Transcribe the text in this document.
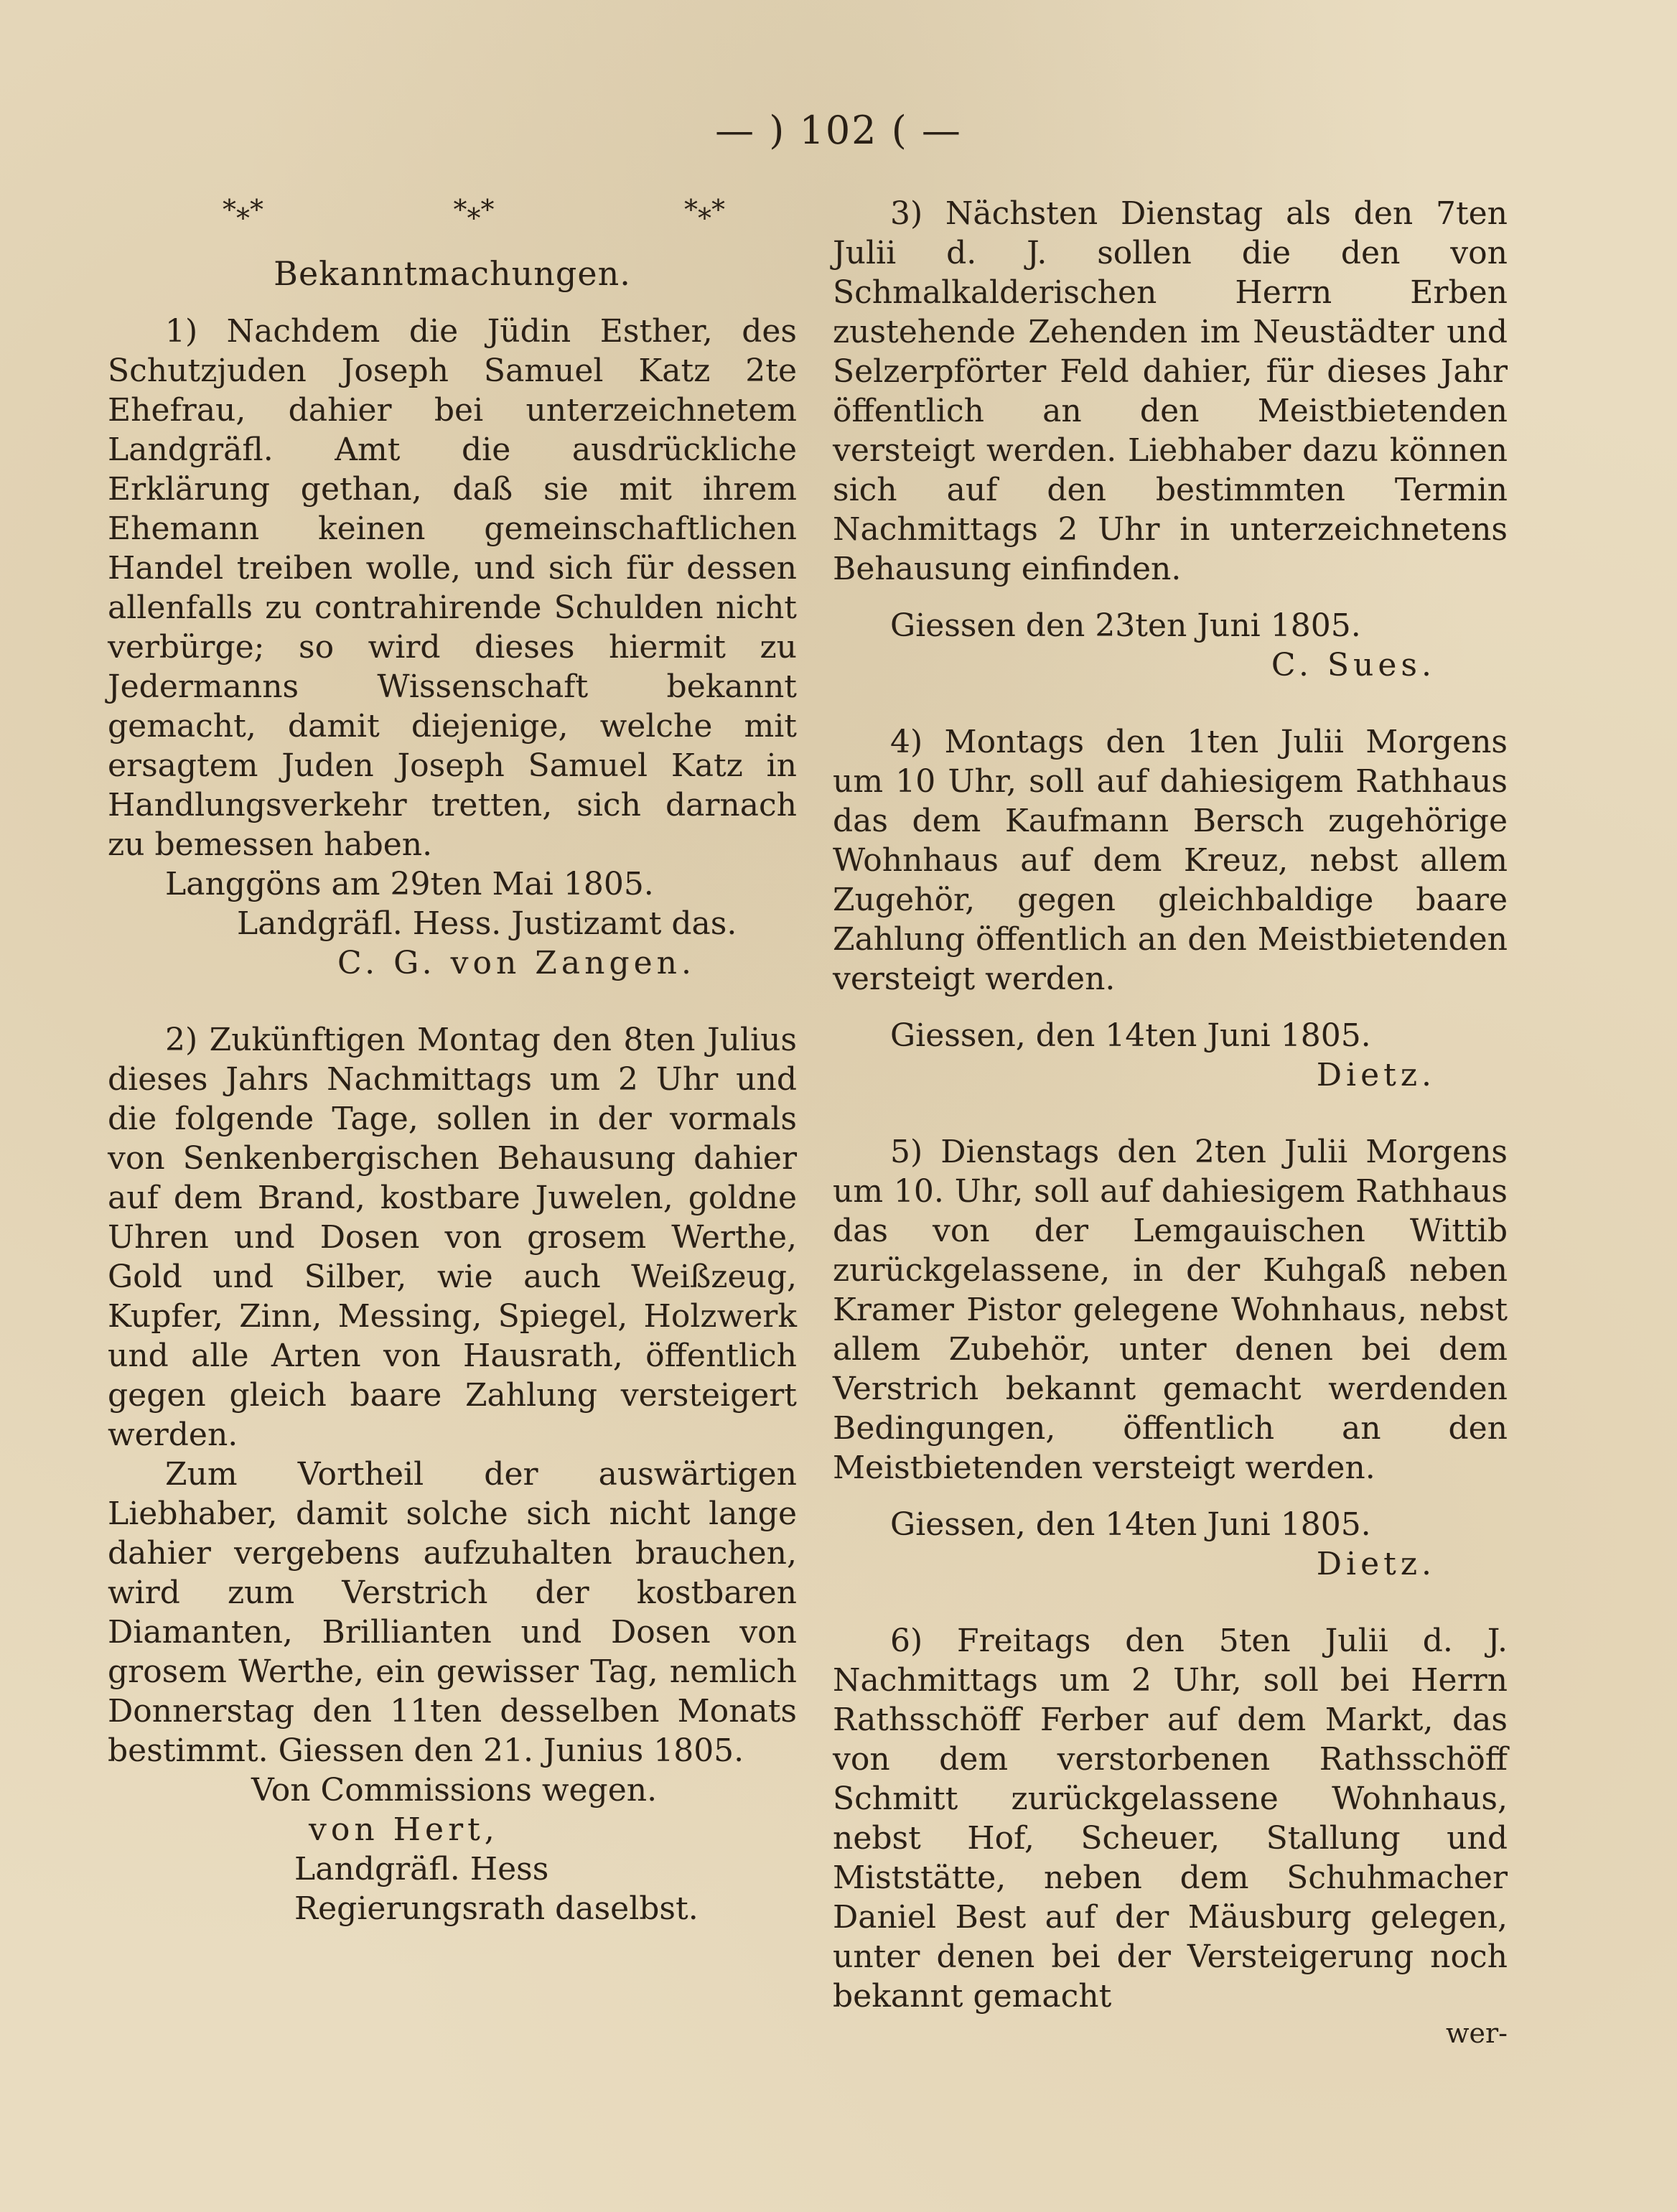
— ) 102 ( —
*⁎*	*⁎*	*⁎*
Bekanntmachungen.

1) Nachdem die Jüdin Esther, des Schutzjuden Joseph Samuel Katz 2te Ehefrau, dahier bei unterzeichnetem Landgräfl. Amt die ausdrückliche Erklärung gethan, daß sie mit ihrem Ehemann keinen gemeinschaftlichen Handel treiben wolle, und sich für dessen allenfalls zu contrahirende Schulden nicht verbürge; so wird dieses hiermit zu Jedermanns Wissenschaft bekannt gemacht, damit diejenige, welche mit ersagtem Juden Joseph Samuel Katz in Handlungsverkehr tretten, sich darnach zu bemessen haben.

Langgöns am 29ten Mai 1805.
Landgräfl. Hess. Justizamt das.
C. G. von Zangen.

2) Zukünftigen Montag den 8ten Julius dieses Jahrs Nachmittags um 2 Uhr und die folgende Tage, sollen in der vormals von Senkenbergischen Behausung dahier auf dem Brand, kostbare Juwelen, goldne Uhren und Dosen von grosem Werthe, Gold und Silber, wie auch Weißzeug, Kupfer, Zinn, Messing, Spiegel, Holzwerk und alle Arten von Hausrath, öffentlich gegen gleich baare Zahlung versteigert werden.

Zum Vortheil der auswärtigen Liebhaber, damit solche sich nicht lange dahier vergebens aufzuhalten brauchen, wird zum Verstrich der kostbaren Diamanten, Brillianten und Dosen von grosem Werthe, ein gewisser Tag, nemlich Donnerstag den 11ten desselben Monats bestimmt. Giessen den 21. Junius 1805.

Von Commissions wegen.
von Hert,
Landgräfl. Hess Regierungsrath daselbst.

3) Nächsten Dienstag als den 7ten Julii d. J. sollen die den von Schmalkalderischen Herrn Erben zustehende Zehenden im Neustädter und Selzerpförter Feld dahier, für dieses Jahr öffentlich an den Meistbietenden versteigt werden. Liebhaber dazu können sich auf den bestimmten Termin Nachmittags 2 Uhr in unterzeichnetens Behausung einfinden.

Giessen den 23ten Juni 1805.
C. Sues.

4) Montags den 1ten Julii Morgens um 10 Uhr, soll auf dahiesigem Rathhaus das dem Kaufmann Bersch zugehörige Wohnhaus auf dem Kreuz, nebst allem Zugehör, gegen gleichbaldige baare Zahlung öffentlich an den Meistbietenden versteigt werden.

Giessen, den 14ten Juni 1805.
Dietz.

5) Dienstags den 2ten Julii Morgens um 10. Uhr, soll auf dahiesigem Rathhaus das von der Lemgauischen Wittib zurückgelassene, in der Kuhgaß neben Kramer Pistor gelegene Wohnhaus, nebst allem Zubehör, unter denen bei dem Verstrich bekannt gemacht werdenden Bedingungen, öffentlich an den Meistbietenden versteigt werden.

Giessen, den 14ten Juni 1805.
Dietz.

6) Freitags den 5ten Julii d. J. Nachmittags um 2 Uhr, soll bei Herrn Rathsschöff Ferber auf dem Markt, das von dem verstorbenen Rathsschöff Schmitt zurückgelassene Wohnhaus, nebst Hof, Scheuer, Stallung und Miststätte, neben dem Schuhmacher Daniel Best auf der Mäusburg gelegen, unter denen bei der Versteigerung noch bekannt gemacht

wer-
